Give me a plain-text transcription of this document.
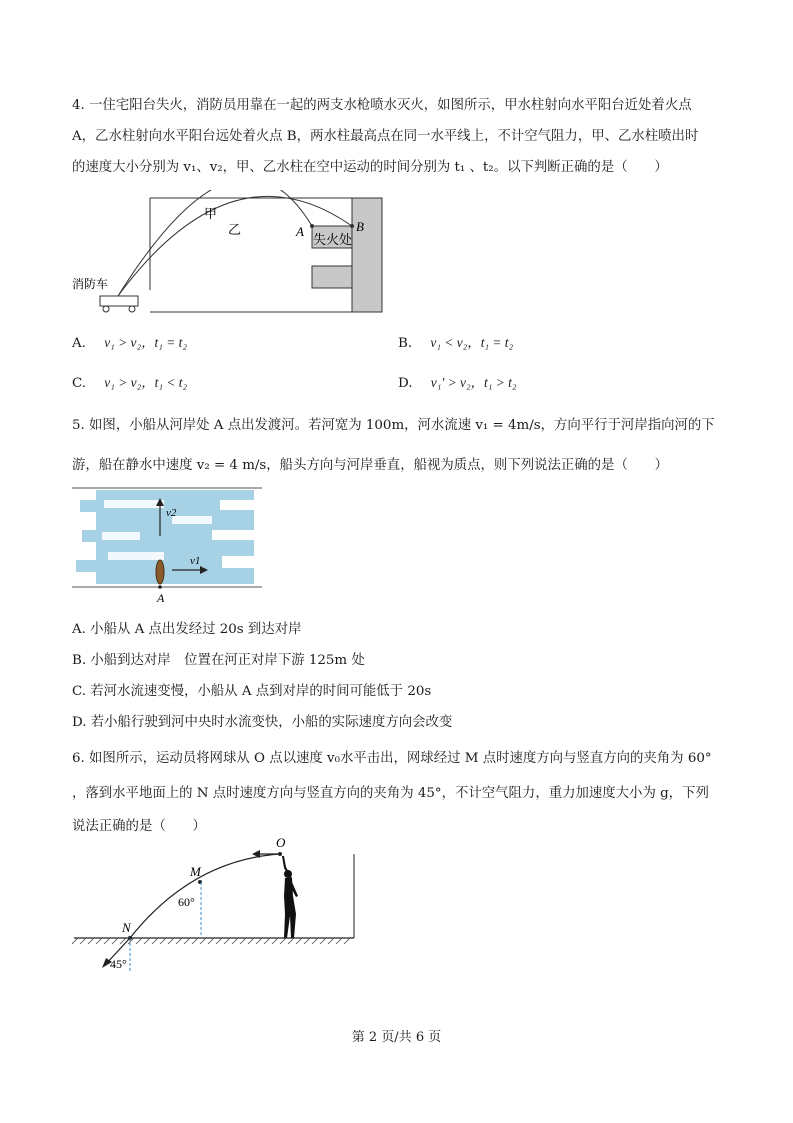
4. 一住宅阳台失火，消防员用靠在一起的两支水枪喷水灭火，如图所示，甲水柱射向水平阳台近处着火点
A，乙水柱射向水平阳台远处着火点 B，两水柱最高点在同一水平线上，不计空气阻力，甲、乙水柱喷出时
的速度大小分别为 v₁、v₂，甲、乙水柱在空中运动的时间分别为 t₁ 、t₂。以下判断正确的是（　　）
甲
乙	A	B
失火处
消防车
A. v₁ > v₂，t₁ = t₂	B. v₁ < v₂，t₁ = t₂
C. v₁ > v₂，t₁ < t₂	D. v₁′ > v₂，t₁ > t₂
5. 如图，小船从河岸处 A 点出发渡河。若河宽为 100m，河水流速 v₁ = 4m/s，方向平行于河岸指向河的下
游，船在静水中速度 v₂ = 4 m/s，船头方向与河岸垂直，船视为质点，则下列说法正确的是（　　）
v2
v1
A
A. 小船从 A 点出发经过 20s 到达对岸
B. 小船到达对岸　位置在河正对岸下游 125m 处
C. 若河水流速变慢，小船从 A 点到对岸的时间可能低于 20s
D. 若小船行驶到河中央时水流变快，小船的实际速度方向会改变
6. 如图所示，运动员将网球从 O 点以速度 v₀水平击出，网球经过 M 点时速度方向与竖直方向的夹角为 60°
，落到水平地面上的 N 点时速度方向与竖直方向的夹角为 45°，不计空气阻力，重力加速度大小为 g，下列
说法正确的是（　　）
O
M
60°
N
45°
第 2 页/共 6 页
